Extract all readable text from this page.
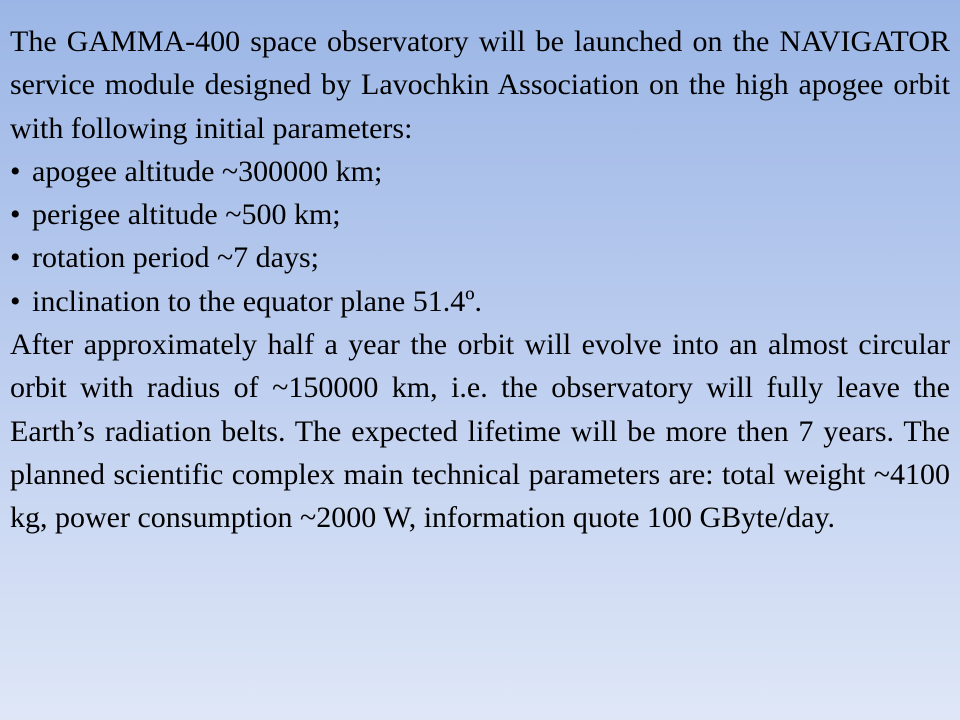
The GAMMA-400 space observatory will be launched on the NAVIGATOR service module designed by Lavochkin Association on the high apogee orbit with following initial parameters:

• apogee altitude ~300000 km;
• perigee altitude ~500 km;
• rotation period ~7 days;
• inclination to the equator plane 51.4º.

After approximately half a year the orbit will evolve into an almost circular orbit with radius of ~150000 km, i.e. the observatory will fully leave the Earth’s radiation belts. The expected lifetime will be more then 7 years. The planned scientific complex main technical parameters are: total weight ~4100 kg, power consumption ~2000 W, information quote 100 GByte/day.
